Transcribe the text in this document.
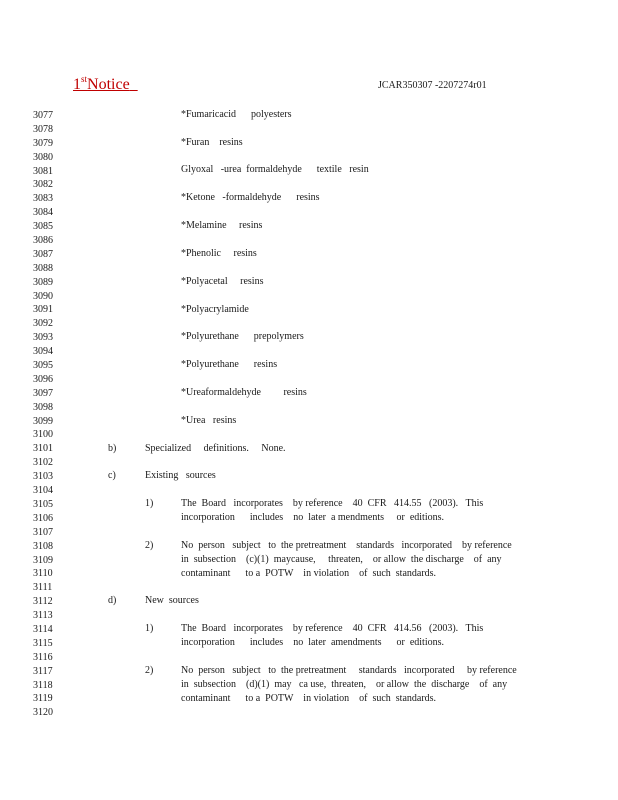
1stNotice	JCAR350307 -2207274r01
3077
3078
3079
3080
3081
3082
3083
3084
3085
3086
3087
3088
3089
3090
3091
3092
3093
3094
3095
3096
3097
3098
3099
3100
3101
3102
3103
3104
3105
3106
3107
3108
3109
3110
3111
3112
3113
3114
3115
3116
3117
3118
3119
3120
*Fumaricacid      polyesters
*Furan    resins
Glyoxal   -urea  formaldehyde      textile   resin
*Ketone   -formaldehyde      resins
*Melamine     resins
*Phenolic     resins
*Polyacetal     resins
*Polyacrylamide
*Polyurethane      prepolymers
*Polyurethane      resins
*Ureaformaldehyde         resins
*Urea   resins
b)	Specialized     definitions.     None.
c)	Existing   sources
1)	The  Board   incorporates    by reference    40  CFR   414.55   (2003).   This
incorporation      includes    no  later  a mendments     or  editions.
2)	No  person   subject   to  the pretreatment    standards   incorporated    by reference
in  subsection    (c)(1)  maycause,     threaten,    or allow  the discharge    of  any
contaminant      to a  POTW    in violation    of  such  standards.
d)	New  sources
1)	The  Board   incorporates    by reference    40  CFR   414.56   (2003).   This
incorporation      includes    no  later  amendments      or  editions.
2)	No  person   subject   to  the pretreatment     standards   incorporated     by reference
in  subsection    (d)(1)  may   ca use,  threaten,    or allow  the  discharge    of  any
contaminant      to a  POTW    in violation    of  such  standards.
